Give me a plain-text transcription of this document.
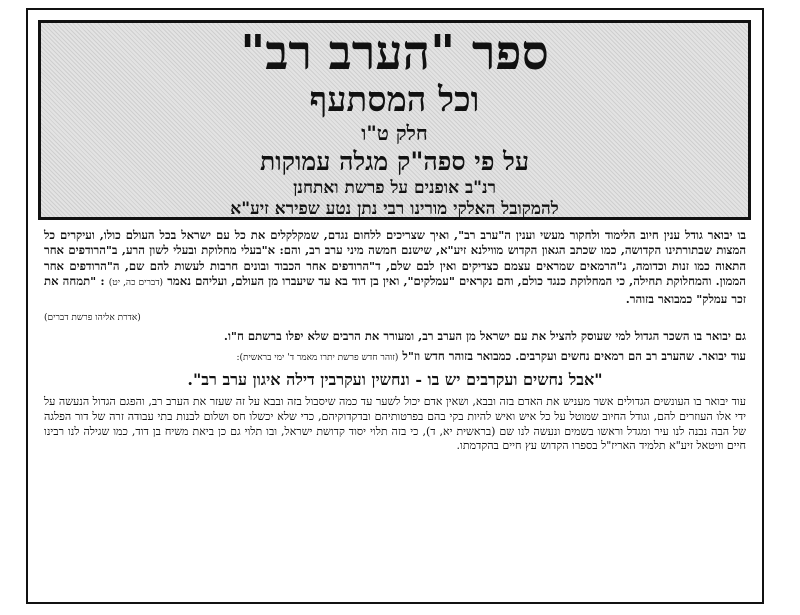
ספר "הערב רב"
וכל המסתעף
חלק ט"ו
על פי ספה"ק מגלה עמוקות
רנ"ב אופנים על פרשת ואתחנן
להמקובל האלקי מורינו רבי נתן נטע שפירא זיע"א

בו יבואר גודל ענין חיוב הלימוד ולחקור מעשי וענין ה"ערב רב", ואיך שצריכים ללחום נגדם, שמקלקלים את כל עם ישראל בכל העולם כולו, ועיקרים כל המצות שבתורתינו הקדושה, כמו שכתב הגאון הקדוש מווילנא זיע"א, שישנם חמשה מיני ערב רב, והם: א"בעלי מחלוקת ובעלי לשון הרע, ב"הרודפים אחר התאוה כמו זנות וכדומה, ג"הרמאים שמראים עצמם כצדיקים ואין לבם שלם, ד"הרודפים אחר הכבוד ובונים חרבות לעשות להם שם, ה"הרודפים אחר הממון. והמחלוקת תחילה, כי המחלוקת כנגד כולם, והם נקראים "עמלקים", ואין בן דוד בא עד שיעברו מן העולם, ועליהם נאמר (דברים כה, יט) : "תמחה את זכר עמלק" כמבואר בזוהר.

(אדרת אליהו פרשת דברים)

גם יבואר בו השכר הגדול למי שעוסק להציל את עם ישראל מן הערב רב, ומעורר את הרבים שלא יפלו ברשתם ח"ו.

עוד יבואר. שהערב רב הם רמאים נחשים ועקרבים. כמבואר בזוהר חדש וז"ל (זוהר חדש פרשת יתרו מאמר ד' ימי בראשית):

"אבל נחשים ועקרבים יש בו - ונחשין ועקרבין דילה איגון ערב רב".

עוד יבואר בו העונשים הגדולים אשר מעניש את האדם בזה ובבא, ושאין אדם יכול לשער עד כמה שיסבול בזה ובבא על זה שעזר את הערב רב, והפגם הגדול הנעשה על ידי אלו העוזרים להם, וגודל החיוב שמוטל על כל איש ואיש להיות בקי בהם בפרטותיהם ובדקדוקיהם, כדי שלא יכשלו חס ושלום לבנות בתי עבודה זרה של דור הפלגה של הבה נבנה לנו עיר ומגדל וראשו בשמים ונעשה לנו שם (בראשית יא, ד), כי בזה תלוי יסוד קדושת ישראל, ובו תלוי גם כן ביאת משיח בן דוד, כמו שגילה לנו רבינו חיים וויטאל זיע"א תלמיד האריז"ל בספרו הקדוש עץ חיים בהקדמתו.
